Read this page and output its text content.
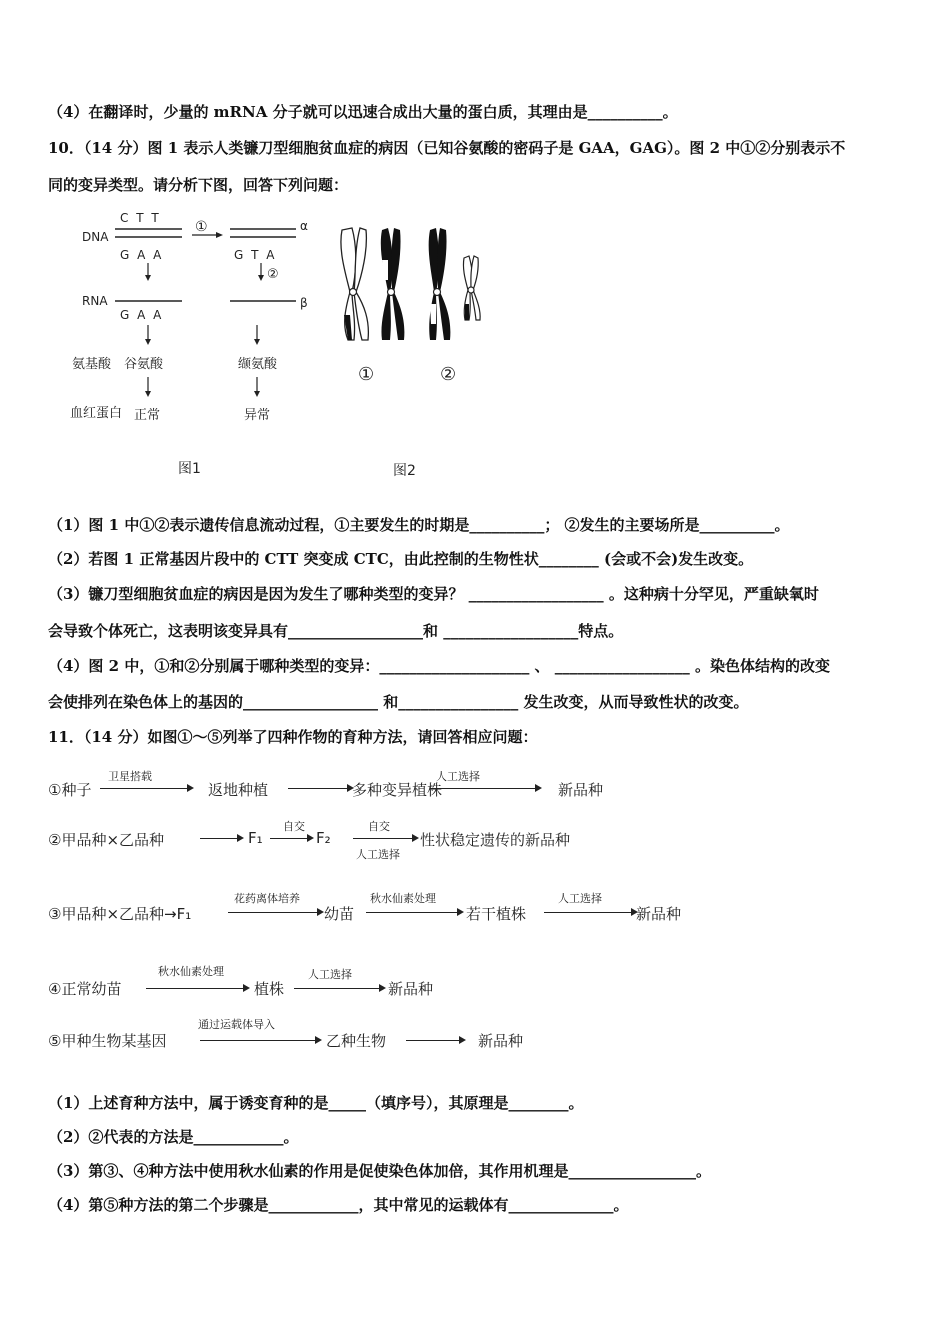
（4）在翻译时，少量的 mRNA 分子就可以迅速合成出大量的蛋白质，其理由是__________。
10．（14 分）图 1 表示人类镰刀型细胞贫血症的病因（已知谷氨酸的密码子是 GAA，GAG）。图 2 中①②分别表示不
同的变异类型。请分析下图，回答下列问题：
DNA
C T T
G A A
①	α
G T A
②
RNA
G A A
β
氨基酸 谷氨酸	缬氨酸
血红蛋白 正常	异常
图1
①	②
图2
（1）图 1 中①②表示遗传信息流动过程，①主要发生的时期是__________； ②发生的主要场所是__________。
（2）若图 1 正常基因片段中的 CTT 突变成 CTC，由此控制的生物性状________ (会或不会)发生改变。
（3）镰刀型细胞贫血症的病因是因为发生了哪种类型的变异？ __________________ 。这种病十分罕见，严重缺氧时
会导致个体死亡，这表明该变异具有__________________和 __________________特点。
（4）图 2 中，①和②分别属于哪种类型的变异：____________________ 、 __________________ 。染色体结构的改变
会使排列在染色体上的基因的__________________ 和________________ 发生改变，从而导致性状的改变。
11．（14 分）如图①～⑤列举了四种作物的育种方法，请回答相应问题：
①种子
卫星搭载
返地种植	多种变异植株
人工选择
新品种
②甲品种×乙品种	F₁
自交
F₂
自交
人工选择
性状稳定遗传的新品种
③甲品种×乙品种→F₁
花药离体培养
幼苗
秋水仙素处理
若干植株
人工选择
新品种
④正常幼苗
秋水仙素处理
植株
人工选择
新品种
⑤甲种生物某基因
通过运载体导入
乙种生物	新品种
（1）上述育种方法中，属于诱变育种的是_____（填序号），其原理是________。
（2）②代表的方法是____________。
（3）第③、④种方法中使用秋水仙素的作用是促使染色体加倍，其作用机理是_________________。
（4）第⑤种方法的第二个步骤是____________，其中常见的运载体有______________。
